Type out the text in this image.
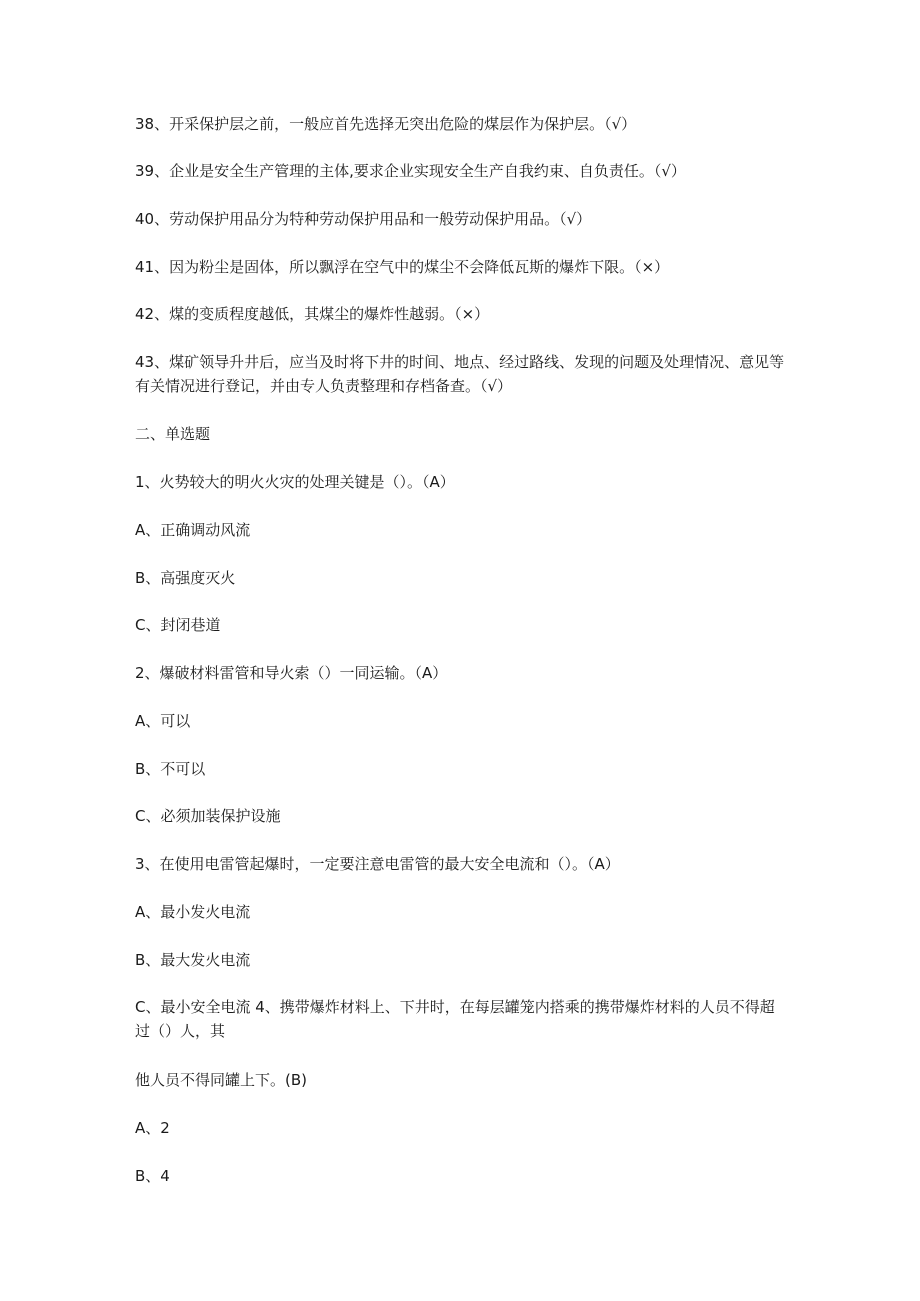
38、开采保护层之前，一般应首先选择无突出危险的煤层作为保护层。（√）
39、企业是安全生产管理的主体,要求企业实现安全生产自我约束、自负责任。（√）
40、劳动保护用品分为特种劳动保护用品和一般劳动保护用品。（√）
41、因为粉尘是固体，所以飘浮在空气中的煤尘不会降低瓦斯的爆炸下限。（×）
42、煤的变质程度越低，其煤尘的爆炸性越弱。（×）
43、煤矿领导升井后，应当及时将下井的时间、地点、经过路线、发现的问题及处理情况、意见等有关情况进行登记，并由专人负责整理和存档备查。（√）
二、单选题
1、火势较大的明火火灾的处理关键是（）。（A）
A、正确调动风流
B、高强度灭火
C、封闭巷道
2、爆破材料雷管和导火索（）一同运输。（A）
A、可以
B、不可以
C、必须加装保护设施
3、在使用电雷管起爆时，一定要注意电雷管的最大安全电流和（）。（A）
A、最小发火电流
B、最大发火电流
C、最小安全电流 4、携带爆炸材料上、下井时，在每层罐笼内搭乘的携带爆炸材料的人员不得超过（）人，其
他人员不得同罐上下。(B)
A、2
B、4
